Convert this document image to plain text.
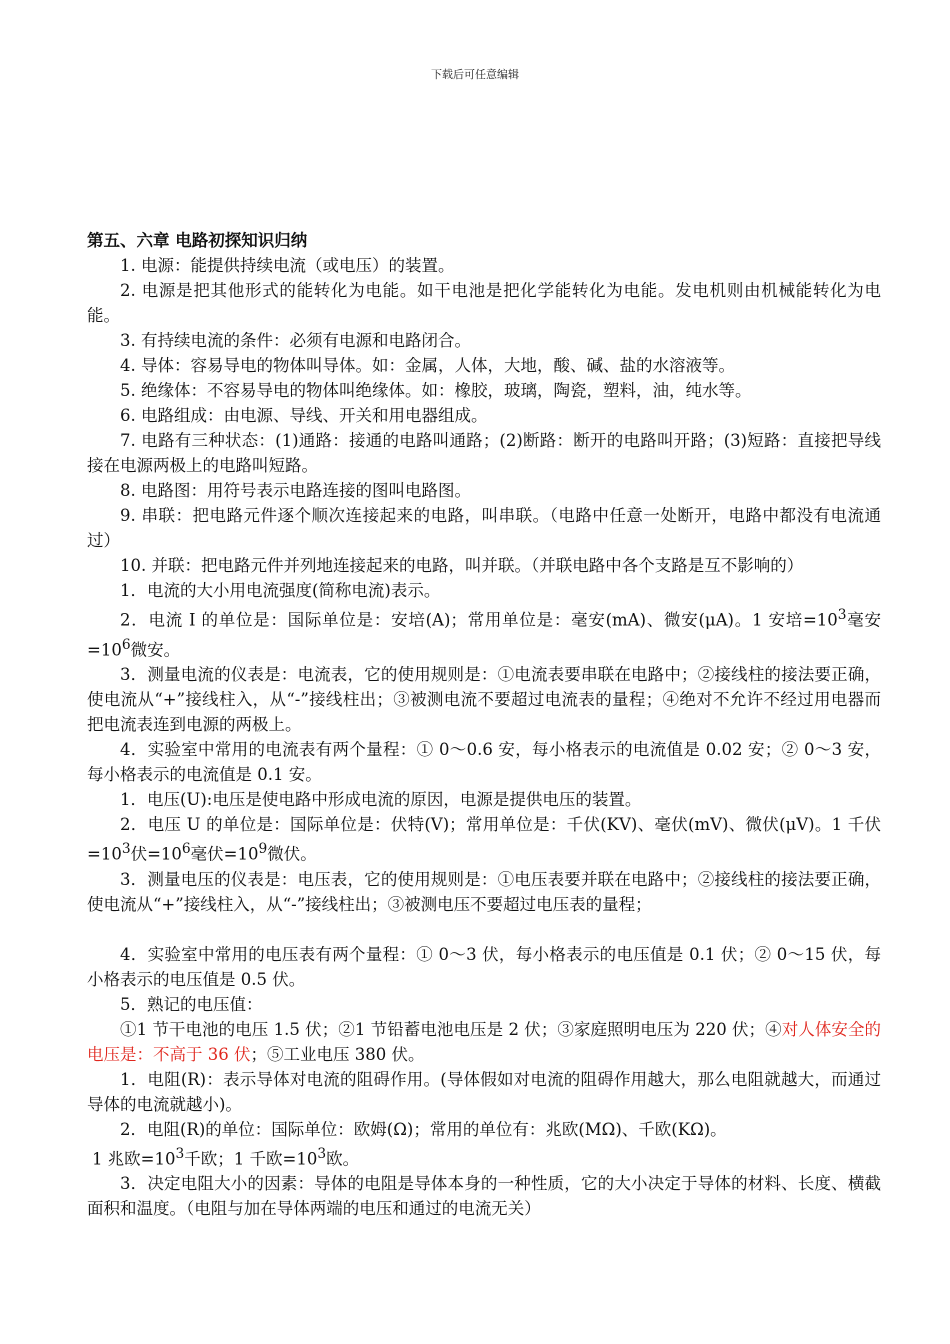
下载后可任意编辑
第五、六章 电路初探知识归纳

1. 电源：能提供持续电流（或电压）的装置。

2. 电源是把其他形式的能转化为电能。如干电池是把化学能转化为电能。发电机则由机械能转化为电能。

3. 有持续电流的条件：必须有电源和电路闭合。

4. 导体：容易导电的物体叫导体。如：金属，人体，大地，酸、碱、盐的水溶液等。

5. 绝缘体：不容易导电的物体叫绝缘体。如：橡胶，玻璃，陶瓷，塑料，油，纯水等。

6. 电路组成：由电源、导线、开关和用电器组成。

7. 电路有三种状态：(1)通路：接通的电路叫通路；(2)断路：断开的电路叫开路；(3)短路：直接把导线接在电源两极上的电路叫短路。

8. 电路图：用符号表示电路连接的图叫电路图。

9. 串联：把电路元件逐个顺次连接起来的电路，叫串联。（电路中任意一处断开，电路中都没有电流通过）

10. 并联：把电路元件并列地连接起来的电路，叫并联。（并联电路中各个支路是互不影响的）

1．电流的大小用电流强度(简称电流)表示。

2．电流 I 的单位是：国际单位是：安培(A)；常用单位是：毫安(mA)、微安(μA)。1 安培$=10^3$毫安$=10^6$微安。

3．测量电流的仪表是：电流表，它的使用规则是：①电流表要串联在电路中；②接线柱的接法要正确，使电流从“+”接线柱入，从“-”接线柱出；③被测电流不要超过电流表的量程；④绝对不允许不经过用电器而把电流表连到电源的两极上。

4．实验室中常用的电流表有两个量程：① 0～0.6 安，每小格表示的电流值是 0.02 安；② 0～3 安，每小格表示的电流值是 0.1 安。

1．电压(U):电压是使电路中形成电流的原因，电源是提供电压的装置。

2．电压 U 的单位是：国际单位是：伏特(V)；常用单位是：千伏(KV)、毫伏(mV)、微伏(μV)。1 千伏$=10^3$伏$=10^6$毫伏$=10^9$微伏。

3．测量电压的仪表是：电压表，它的使用规则是：①电压表要并联在电路中；②接线柱的接法要正确，使电流从“+”接线柱入，从“-”接线柱出；③被测电压不要超过电压表的量程；

4．实验室中常用的电压表有两个量程：① 0～3 伏，每小格表示的电压值是 0.1 伏；② 0～15 伏，每小格表示的电压值是 0.5 伏。

5．熟记的电压值：

①1 节干电池的电压 1.5 伏；②1 节铅蓄电池电压是 2 伏；③家庭照明电压为 220 伏；④对人体安全的电压是：不高于 36 伏；⑤工业电压 380 伏。

1．电阻(R)：表示导体对电流的阻碍作用。(导体假如对电流的阻碍作用越大，那么电阻就越大，而通过导体的电流就越小)。

2．电阻(R)的单位：国际单位：欧姆(Ω)；常用的单位有：兆欧(MΩ)、千欧(KΩ)。

1 兆欧$=10^3$千欧；1 千欧$=10^3$欧。

3．决定电阻大小的因素：导体的电阻是导体本身的一种性质，它的大小决定于导体的材料、长度、横截面积和温度。（电阻与加在导体两端的电压和通过的电流无关）
